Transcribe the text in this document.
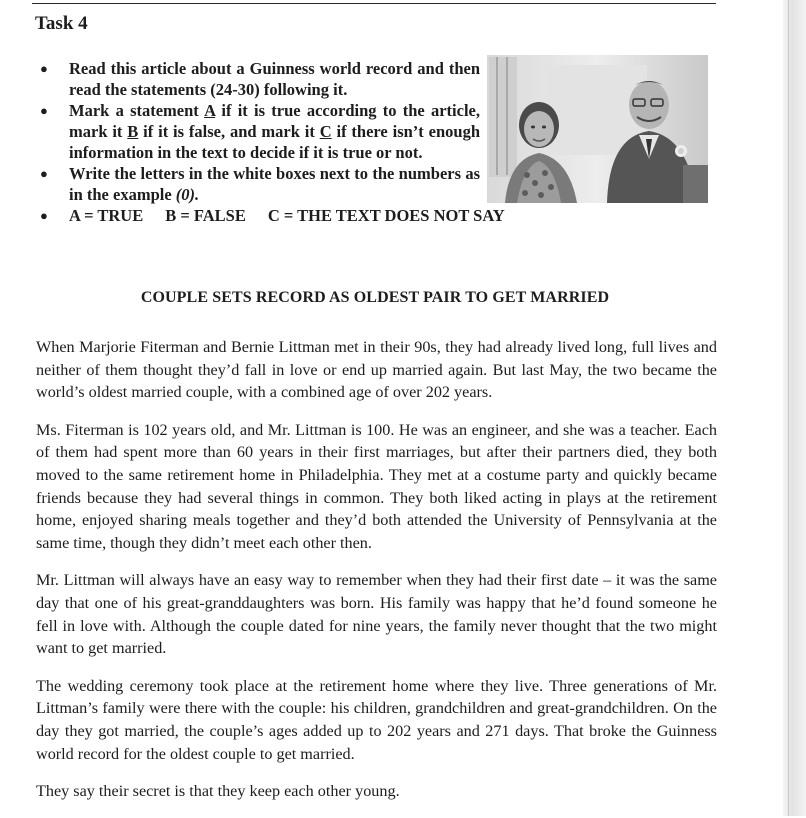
Task 4
● Read this article about a Guinness world record and then read the statements (24-30) following it.
● Mark a statement A if it is true according to the article, mark it B if it is false, and mark it C if there isn’t enough information in the text to decide if it is true or not.
● Write the letters in the white boxes next to the numbers as in the example (0).
● A = TRUE B = FALSE C = THE TEXT DOES NOT SAY
COUPLE SETS RECORD AS OLDEST PAIR TO GET MARRIED

When Marjorie Fiterman and Bernie Littman met in their 90s, they had already lived long, full lives and neither of them thought they’d fall in love or end up married again. But last May, the two became the world’s oldest married couple, with a combined age of over 202 years.

Ms. Fiterman is 102 years old, and Mr. Littman is 100. He was an engineer, and she was a teacher. Each of them had spent more than 60 years in their first marriages, but after their partners died, they both moved to the same retirement home in Philadelphia. They met at a costume party and quickly became friends because they had several things in common. They both liked acting in plays at the retirement home, enjoyed sharing meals together and they’d both attended the University of Pennsylvania at the same time, though they didn’t meet each other then.

Mr. Littman will always have an easy way to remember when they had their first date – it was the same day that one of his great-granddaughters was born. His family was happy that he’d found someone he fell in love with. Although the couple dated for nine years, the family never thought that the two might want to get married.

The wedding ceremony took place at the retirement home where they live. Three generations of Mr. Littman’s family were there with the couple: his children, grandchildren and great-grandchildren. On the day they got married, the couple’s ages added up to 202 years and 271 days. That broke the Guinness world record for the oldest couple to get married.

They say their secret is that they keep each other young.
